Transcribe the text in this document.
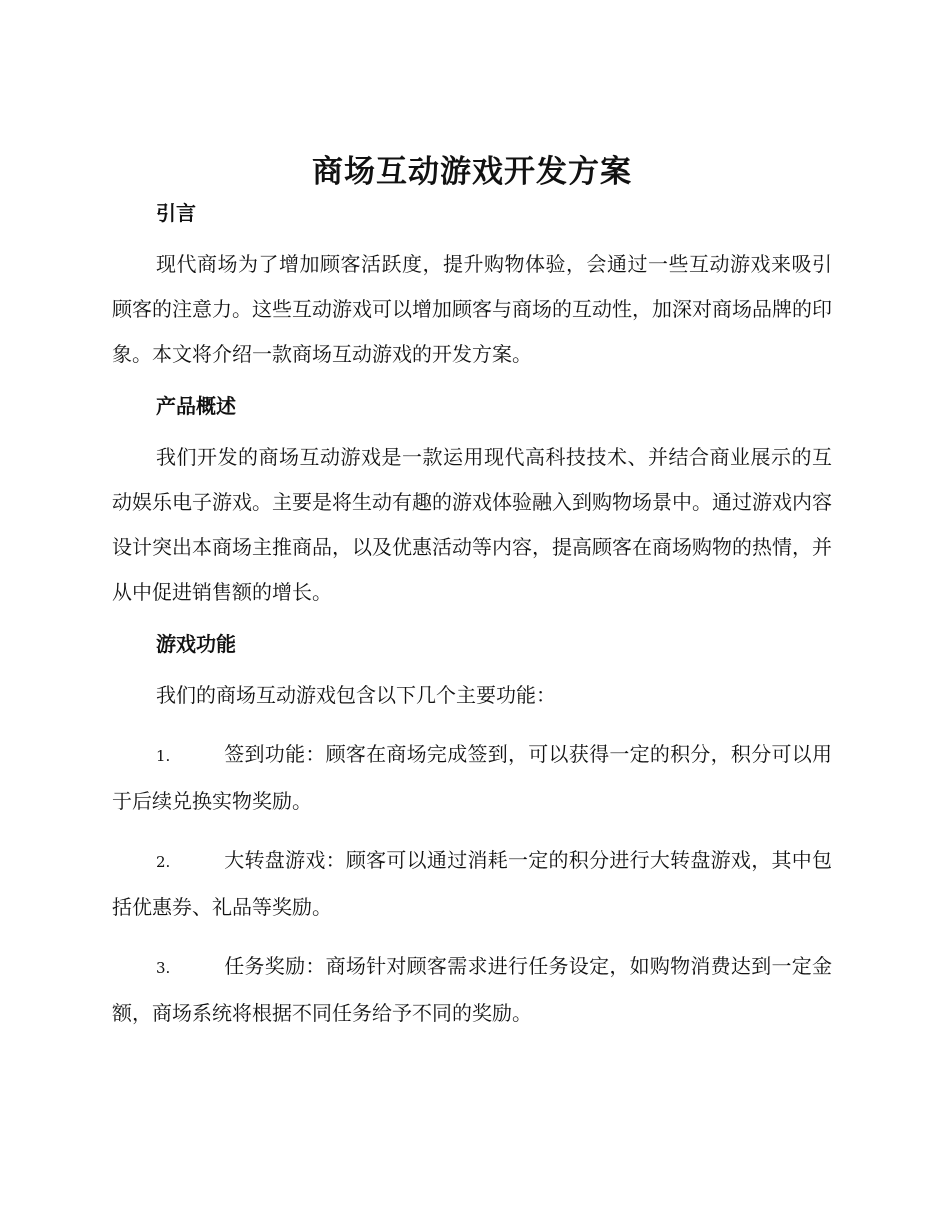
商场互动游戏开发方案
引言

现代商场为了增加顾客活跃度，提升购物体验，会通过一些互动游戏来吸引顾客的注意力。这些互动游戏可以增加顾客与商场的互动性，加深对商场品牌的印象。本文将介绍一款商场互动游戏的开发方案。

产品概述

我们开发的商场互动游戏是一款运用现代高科技技术、并结合商业展示的互动娱乐电子游戏。主要是将生动有趣的游戏体验融入到购物场景中。通过游戏内容设计突出本商场主推商品，以及优惠活动等内容，提高顾客在商场购物的热情，并从中促进销售额的增长。

游戏功能

我们的商场互动游戏包含以下几个主要功能：

1.	签到功能：顾客在商场完成签到，可以获得一定的积分，积分可以用于后续兑换实物奖励。

2.	大转盘游戏：顾客可以通过消耗一定的积分进行大转盘游戏，其中包括优惠券、礼品等奖励。

3.	任务奖励：商场针对顾客需求进行任务设定，如购物消费达到一定金额，商场系统将根据不同任务给予不同的奖励。
